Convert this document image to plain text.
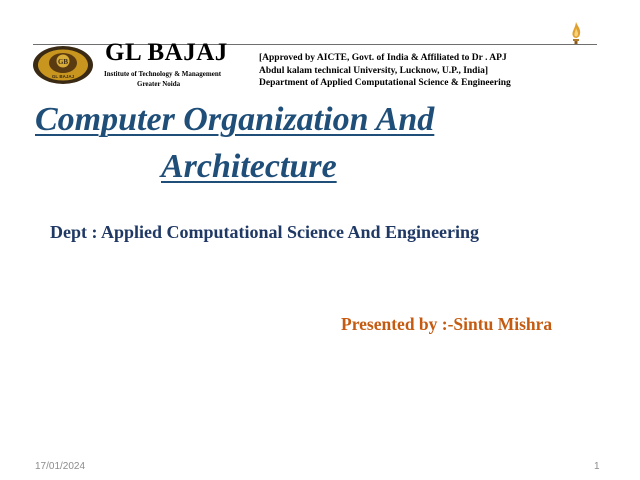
GB
GL BAJAJ
GL BAJAJ
Institute of Technology & Management
Greater Noida
[Approved by AICTE, Govt. of India & Affiliated to Dr . APJ
Abdul kalam technical University, Lucknow, U.P., India]
Department of Applied Computational Science & Engineering
Computer Organization And
Architecture
Dept : Applied Computational Science And Engineering
Presented by :-Sintu Mishra
17/01/2024	1
